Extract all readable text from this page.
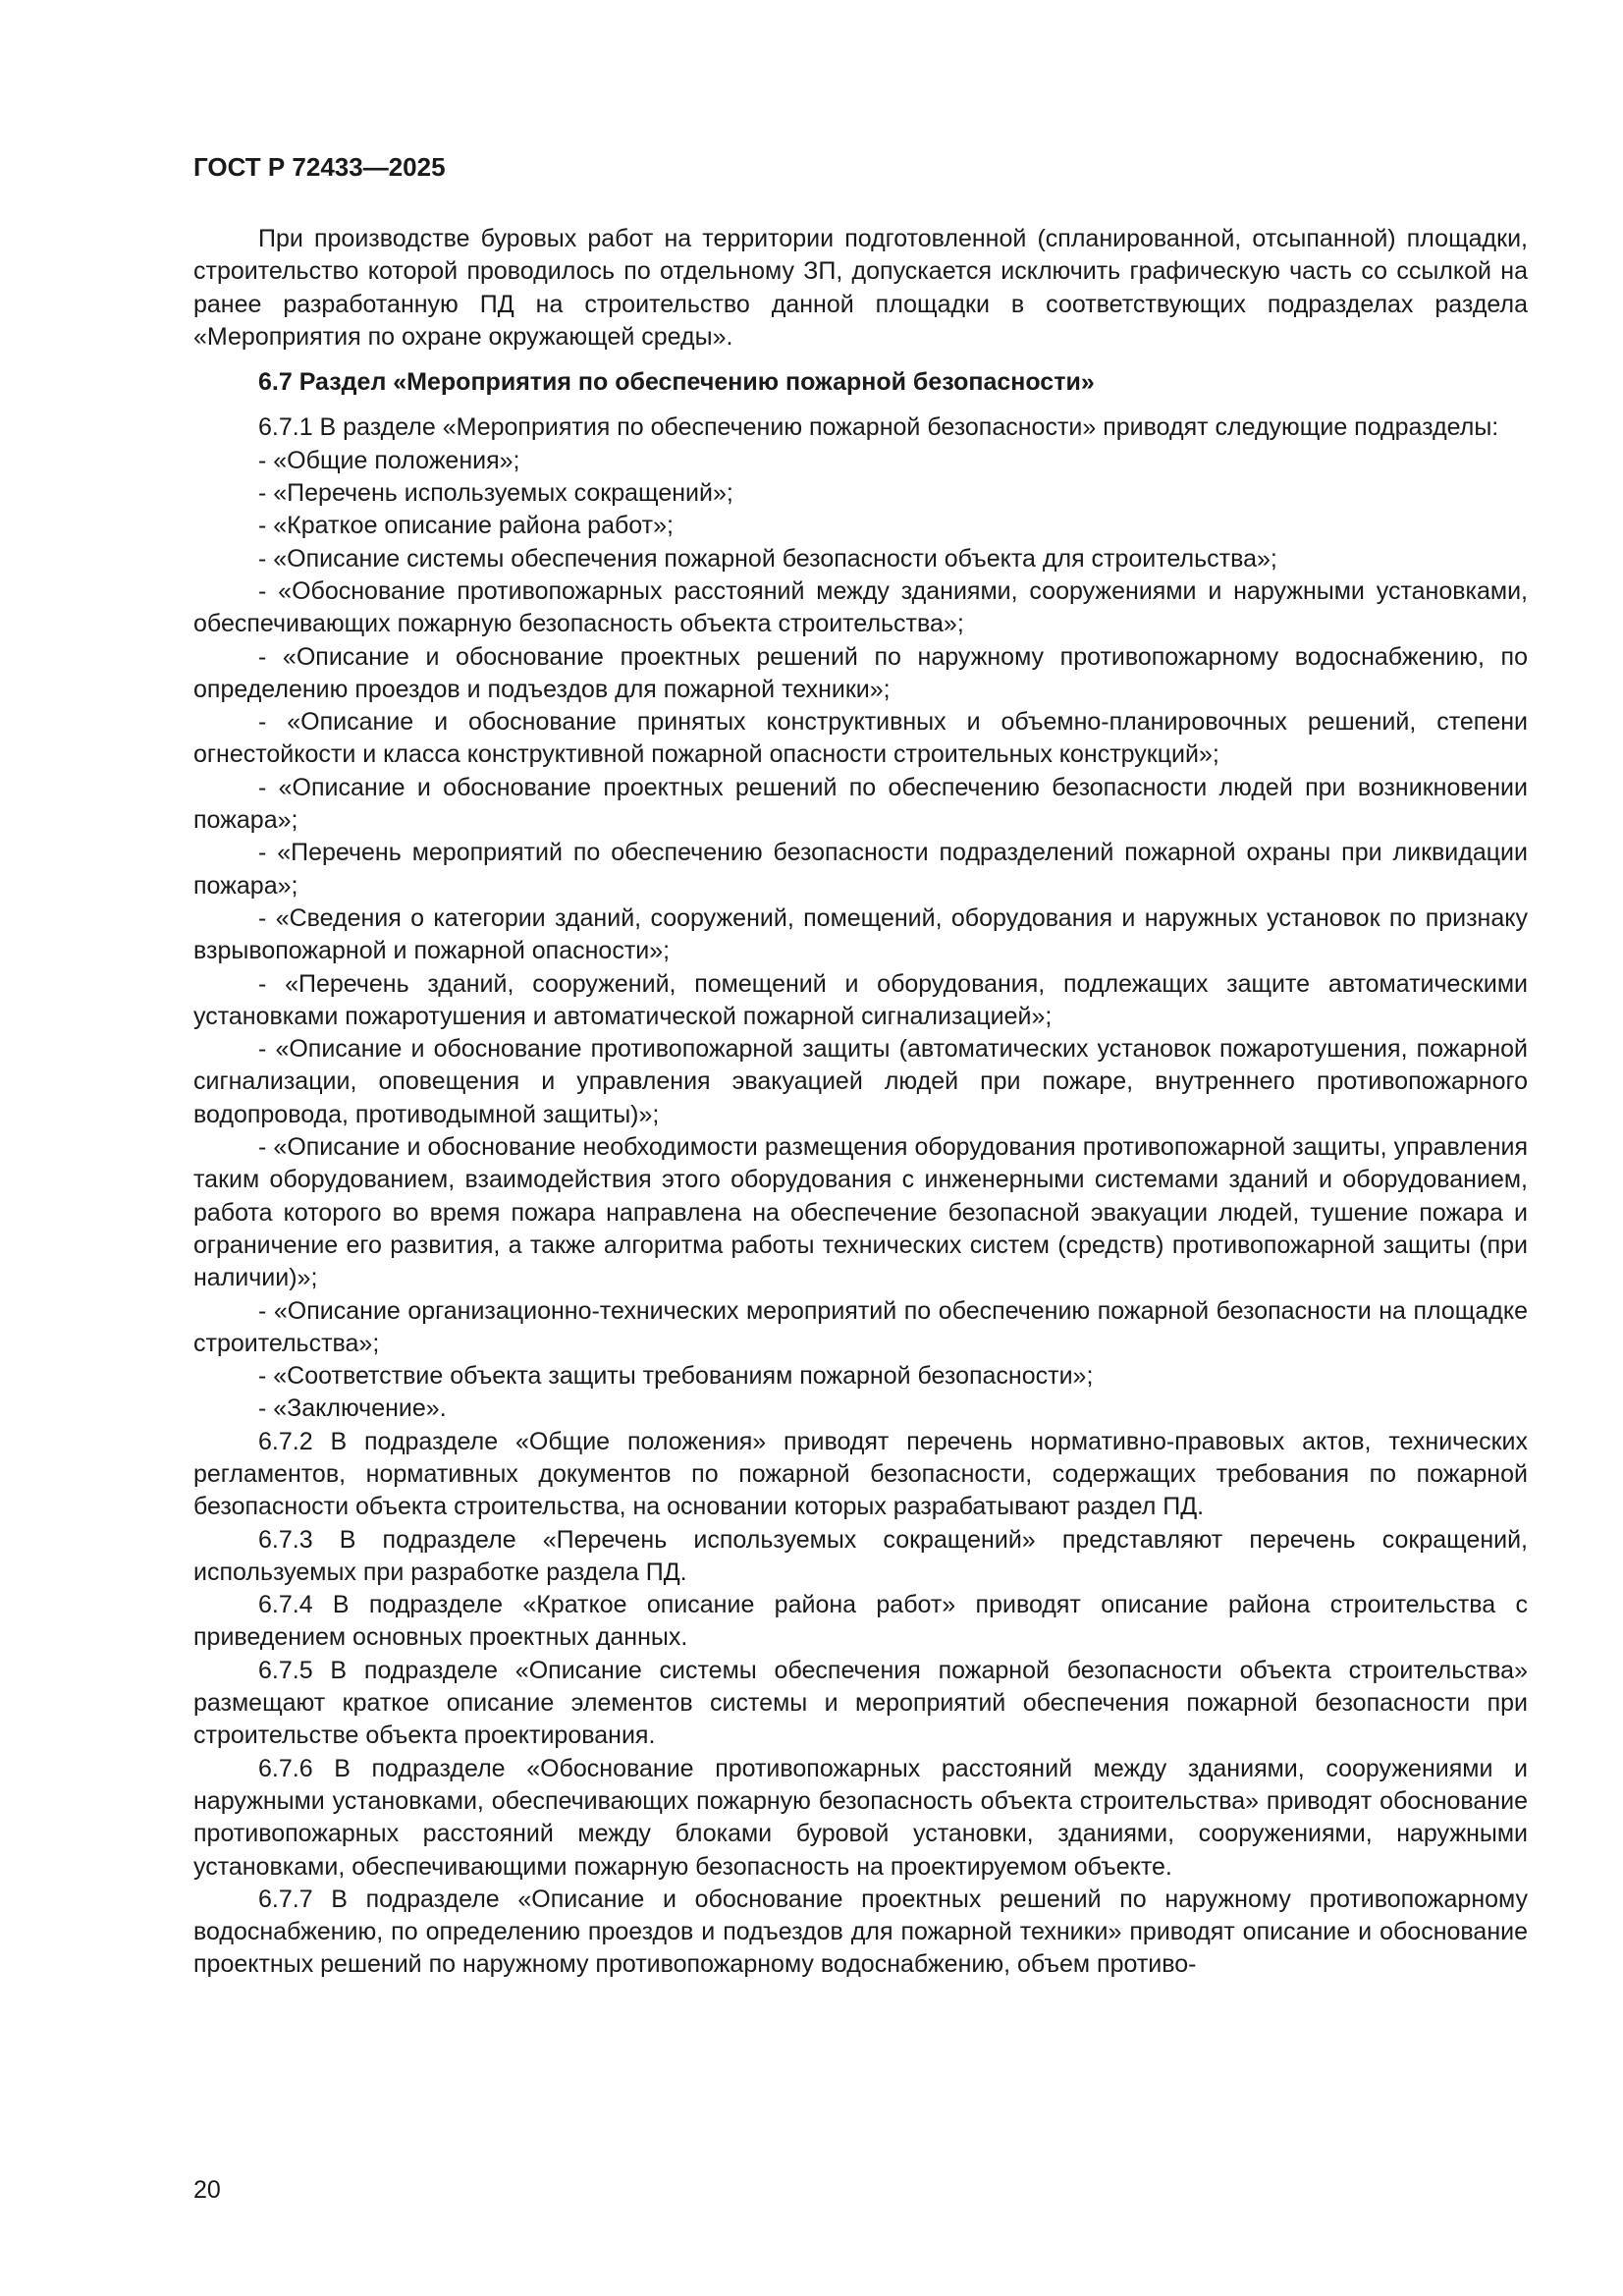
ГОСТ Р 72433—2025

При производстве буровых работ на территории подготовленной (спланированной, отсыпанной) площадки, строительство которой проводилось по отдельному ЗП, допускается исключить графическую часть со ссылкой на ранее разработанную ПД на строительство данной площадки в соответствующих подразделах раздела «Мероприятия по охране окружающей среды».

6.7 Раздел «Мероприятия по обеспечению пожарной безопасности»

6.7.1 В разделе «Мероприятия по обеспечению пожарной безопасности» приводят следующие подразделы:

- «Общие положения»;
- «Перечень используемых сокращений»;
- «Краткое описание района работ»;
- «Описание системы обеспечения пожарной безопасности объекта для строительства»;
- «Обоснование противопожарных расстояний между зданиями, сооружениями и наружными установками, обеспечивающих пожарную безопасность объекта строительства»;
- «Описание и обоснование проектных решений по наружному противопожарному водоснабжению, по определению проездов и подъездов для пожарной техники»;
- «Описание и обоснование принятых конструктивных и объемно-планировочных решений, степени огнестойкости и класса конструктивной пожарной опасности строительных конструкций»;
- «Описание и обоснование проектных решений по обеспечению безопасности людей при возникновении пожара»;
- «Перечень мероприятий по обеспечению безопасности подразделений пожарной охраны при ликвидации пожара»;
- «Сведения о категории зданий, сооружений, помещений, оборудования и наружных установок по признаку взрывопожарной и пожарной опасности»;
- «Перечень зданий, сооружений, помещений и оборудования, подлежащих защите автоматическими установками пожаротушения и автоматической пожарной сигнализацией»;
- «Описание и обоснование противопожарной защиты (автоматических установок пожаротушения, пожарной сигнализации, оповещения и управления эвакуацией людей при пожаре, внутреннего противопожарного водопровода, противодымной защиты)»;
- «Описание и обоснование необходимости размещения оборудования противопожарной защиты, управления таким оборудованием, взаимодействия этого оборудования с инженерными системами зданий и оборудованием, работа которого во время пожара направлена на обеспечение безопасной эвакуации людей, тушение пожара и ограничение его развития, а также алгоритма работы технических систем (средств) противопожарной защиты (при наличии)»;
- «Описание организационно-технических мероприятий по обеспечению пожарной безопасности на площадке строительства»;
- «Соответствие объекта защиты требованиям пожарной безопасности»;
- «Заключение».

6.7.2 В подразделе «Общие положения» приводят перечень нормативно-правовых актов, технических регламентов, нормативных документов по пожарной безопасности, содержащих требования по пожарной безопасности объекта строительства, на основании которых разрабатывают раздел ПД.

6.7.3 В подразделе «Перечень используемых сокращений» представляют перечень сокращений, используемых при разработке раздела ПД.

6.7.4 В подразделе «Краткое описание района работ» приводят описание района строительства с приведением основных проектных данных.

6.7.5 В подразделе «Описание системы обеспечения пожарной безопасности объекта строительства» размещают краткое описание элементов системы и мероприятий обеспечения пожарной безопасности при строительстве объекта проектирования.

6.7.6 В подразделе «Обоснование противопожарных расстояний между зданиями, сооружениями и наружными установками, обеспечивающих пожарную безопасность объекта строительства» приводят обоснование противопожарных расстояний между блоками буровой установки, зданиями, сооружениями, наружными установками, обеспечивающими пожарную безопасность на проектируемом объекте.

6.7.7 В подразделе «Описание и обоснование проектных решений по наружному противопожарному водоснабжению, по определению проездов и подъездов для пожарной техники» приводят описание и обоснование проектных решений по наружному противопожарному водоснабжению, объем противо-

20
